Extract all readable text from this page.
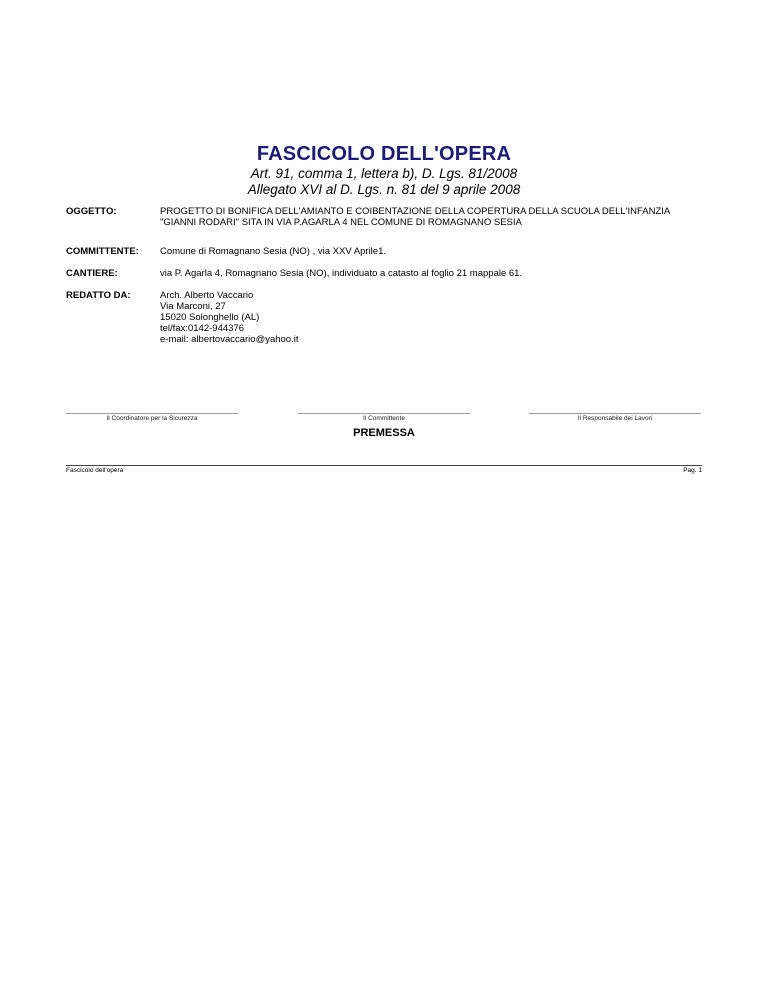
FASCICOLO DELL'OPERA
Art. 91, comma 1, lettera b), D. Lgs. 81/2008
Allegato XVI al D. Lgs. n. 81 del 9 aprile 2008
OGGETTO:	PROGETTO DI BONIFICA DELL'AMIANTO E COIBENTAZIONE DELLA COPERTURA DELLA SCUOLA DELL'INFANZIA
"GIANNI RODARI" SITA IN VIA P.AGARLA 4 NEL COMUNE DI ROMAGNANO SESIA
COMMITTENTE:	Comune di Romagnano Sesia (NO) , via XXV Aprile1.
CANTIERE:	via P. Agarla 4, Romagnano Sesia (NO), individuato a catasto al foglio 21 mappale 61.
REDATTO DA:	Arch. Alberto Vaccario
Via Marconi, 27
15020 Solonghello (AL)
tel/fax:0142-944376
e-mail: albertovaccario@yahoo.it
Il Coordinatore per la Sicurezza	Il Committente	Il Responsabile dei Lavori
PREMESSA
Fascicolo dell'opera	Pag. 1
